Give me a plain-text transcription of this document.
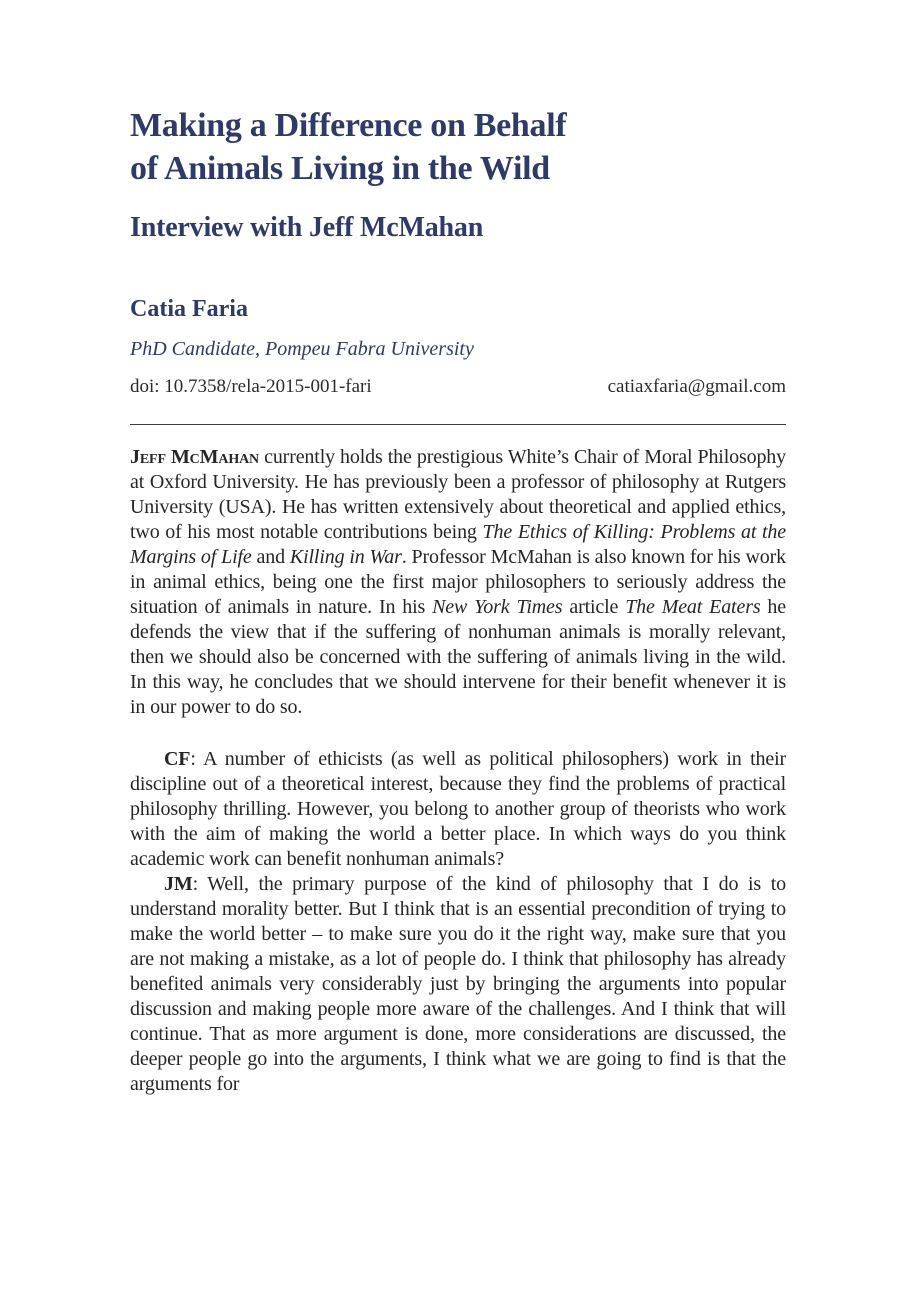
Making a Difference on Behalf
of Animals Living in the Wild
Interview with Jeff McMahan
Catia Faria
PhD Candidate, Pompeu Fabra University
doi: 10.7358/rela-2015-001-fari	catiaxfaria@gmail.com

Jeff McMahan currently holds the prestigious White’s Chair of Moral Philosophy at Oxford University. He has previously been a professor of philosophy at Rutgers University (USA). He has written extensively about theoretical and applied ethics, two of his most notable contributions being The Ethics of Killing: Problems at the Margins of Life and Killing in War. Professor McMahan is also known for his work in animal ethics, being one the first major philosophers to seriously address the situation of animals in nature. In his New York Times article The Meat Eaters he defends the view that if the suffering of nonhuman animals is morally relevant, then we should also be concerned with the suffering of animals living in the wild. In this way, he concludes that we should intervene for their benefit whenever it is in our power to do so.

CF: A number of ethicists (as well as political philosophers) work in their discipline out of a theoretical interest, because they find the problems of practical philosophy thrilling. However, you belong to another group of theorists who work with the aim of making the world a better place. In which ways do you think academic work can benefit nonhuman animals?

JM: Well, the primary purpose of the kind of philosophy that I do is to understand morality better. But I think that is an essential precondition of trying to make the world better – to make sure you do it the right way, make sure that you are not making a mistake, as a lot of people do. I think that philosophy has already benefited animals very considerably just by bringing the arguments into popular discussion and making people more aware of the challenges. And I think that will continue. That as more argument is done, more considerations are discussed, the deeper people go into the arguments, I think what we are going to find is that the arguments for
